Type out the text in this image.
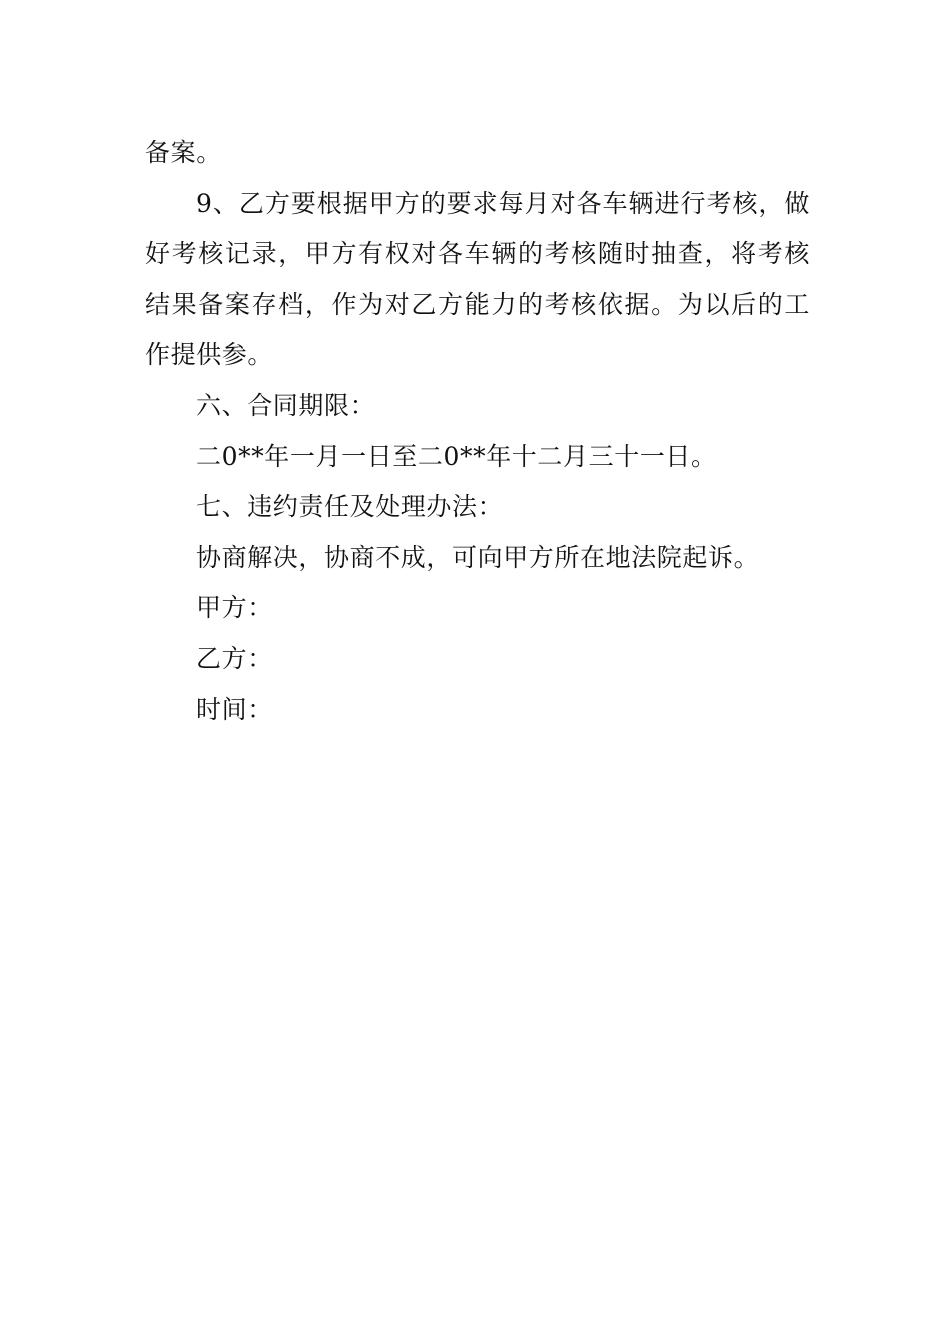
备案。

9、乙方要根据甲方的要求每月对各车辆进行考核，做好考核记录，甲方有权对各车辆的考核随时抽查，将考核结果备案存档，作为对乙方能力的考核依据。为以后的工作提供参。

六、合同期限：

二0**年一月一日至二0**年十二月三十一日。

七、违约责任及处理办法：

协商解决，协商不成，可向甲方所在地法院起诉。

甲方：

乙方：

时间：
